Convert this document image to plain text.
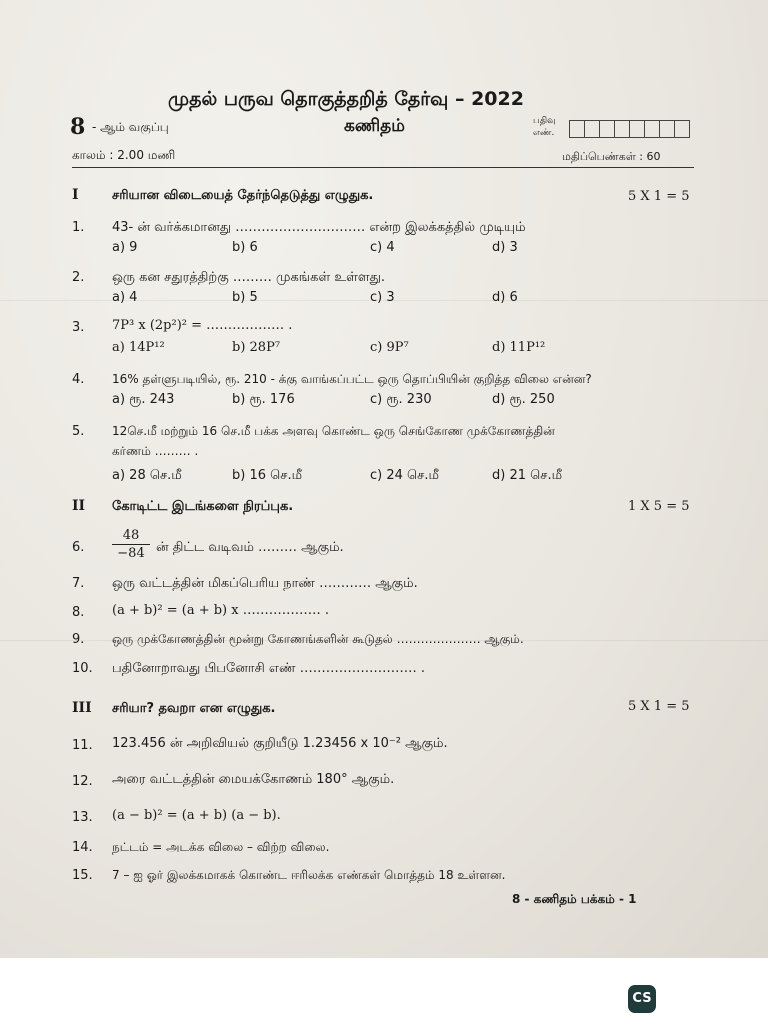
முதல் பருவ தொகுத்தறித் தேர்வு – 2022
8 - ஆம் வகுப்பு	கணிதம்	பதிவு
எண்.
காலம் : 2.00 மணி	மதிப்பெண்கள் : 60
I	சரியான விடையைத் தேர்ந்தெடுத்து எழுதுக.	5 X 1 = 5
1. 43- ன் வர்க்கமானது ………………………… என்ற இலக்கத்தில் முடியும்
a) 9	b) 6	c) 4	d) 3
2. ஒரு கன சதுரத்திற்கு ……… முகங்கள் உள்ளது.
a) 4	b) 5	c) 3	d) 6
3. 7P³ x (2p²)² = ……………… .
a) 14P¹²	b) 28P⁷	c) 9P⁷	d) 11P¹²
4. 16% தள்ளுபடியில், ரூ. 210 - க்கு வாங்கப்பட்ட ஒரு தொப்பியின் குறித்த விலை என்ன?
a) ரூ. 243	b) ரூ. 176	c) ரூ. 230	d) ரூ. 250
5. 12செ.மீ மற்றும் 16 செ.மீ பக்க அளவு கொண்ட ஒரு செங்கோண முக்கோணத்தின்
கர்ணம் ……… .
a) 28 செ.மீ	b) 16 செ.மீ	c) 24 செ.மீ	d) 21 செ.மீ
II கோடிட்ட இடங்களை நிரப்புக.	1 X 5 = 5
6. $\frac{48}{-84}$ ன் திட்ட வடிவம் ……… ஆகும்.
7. ஒரு வட்டத்தின் மிகப்பெரிய நாண் ………… ஆகும்.
8. (a + b)² = (a + b) x ……………… .
9. ஒரு முக்கோணத்தின் மூன்று கோணங்களின் கூடுதல் ………………… ஆகும்.
10. பதினோறாவது பிபனோசி எண் ……………………… .
III சரியா? தவறா என எழுதுக.	5 X 1 = 5
11. 123.456 ன் அறிவியல் குறியீடு 1.23456 x 10⁻² ஆகும்.
12. அரை வட்டத்தின் மையக்கோணம் 180° ஆகும்.
13. (a − b)² = (a + b) (a − b).
14. நட்டம் = அடக்க விலை – விற்ற விலை.
15. 7 – ஐ ஓர் இலக்கமாகக் கொண்ட ஈரிலக்க எண்கள் மொத்தம் 18 உள்ளன.
8 - கணிதம் பக்கம் - 1
CS
